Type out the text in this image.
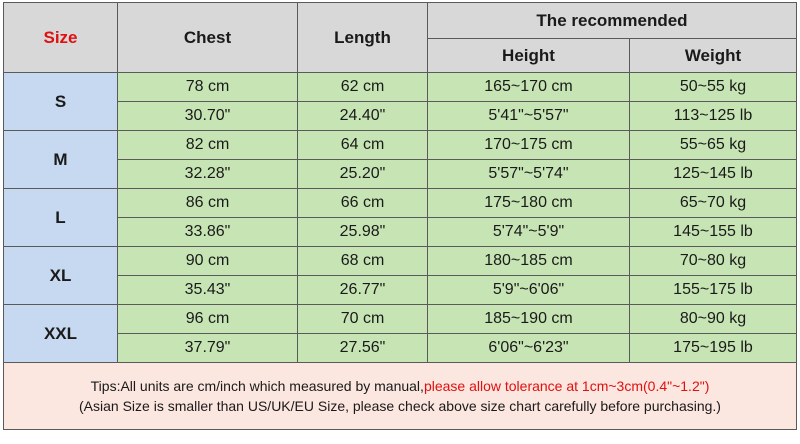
Size	Chest	Length	The recommended	
			Height	Weight
S	78 cm	62 cm	165~170 cm	50~55 kg
	30.70"	24.40"	5'41"~5'57"	113~125 lb
M	82 cm	64 cm	170~175 cm	55~65 kg
	32.28"	25.20"	5'57"~5'74"	125~145 lb
L	86 cm	66 cm	175~180 cm	65~70 kg
	33.86"	25.98"	5'74"~5'9"	145~155 lb
XL	90 cm	68 cm	180~185 cm	70~80 kg
	35.43"	26.77"	5'9"~6'06"	155~175 lb
XXL	96 cm	70 cm	185~190 cm	80~90 kg
	37.79"	27.56"	6'06"~6'23"	175~195 lb

Tips:All units are cm/inch which measured by manual,please allow tolerance at 1cm~3cm(0.4"~1.2")
(Asian Size is smaller than US/UK/EU Size, please check above size chart carefully before purchasing.)				
